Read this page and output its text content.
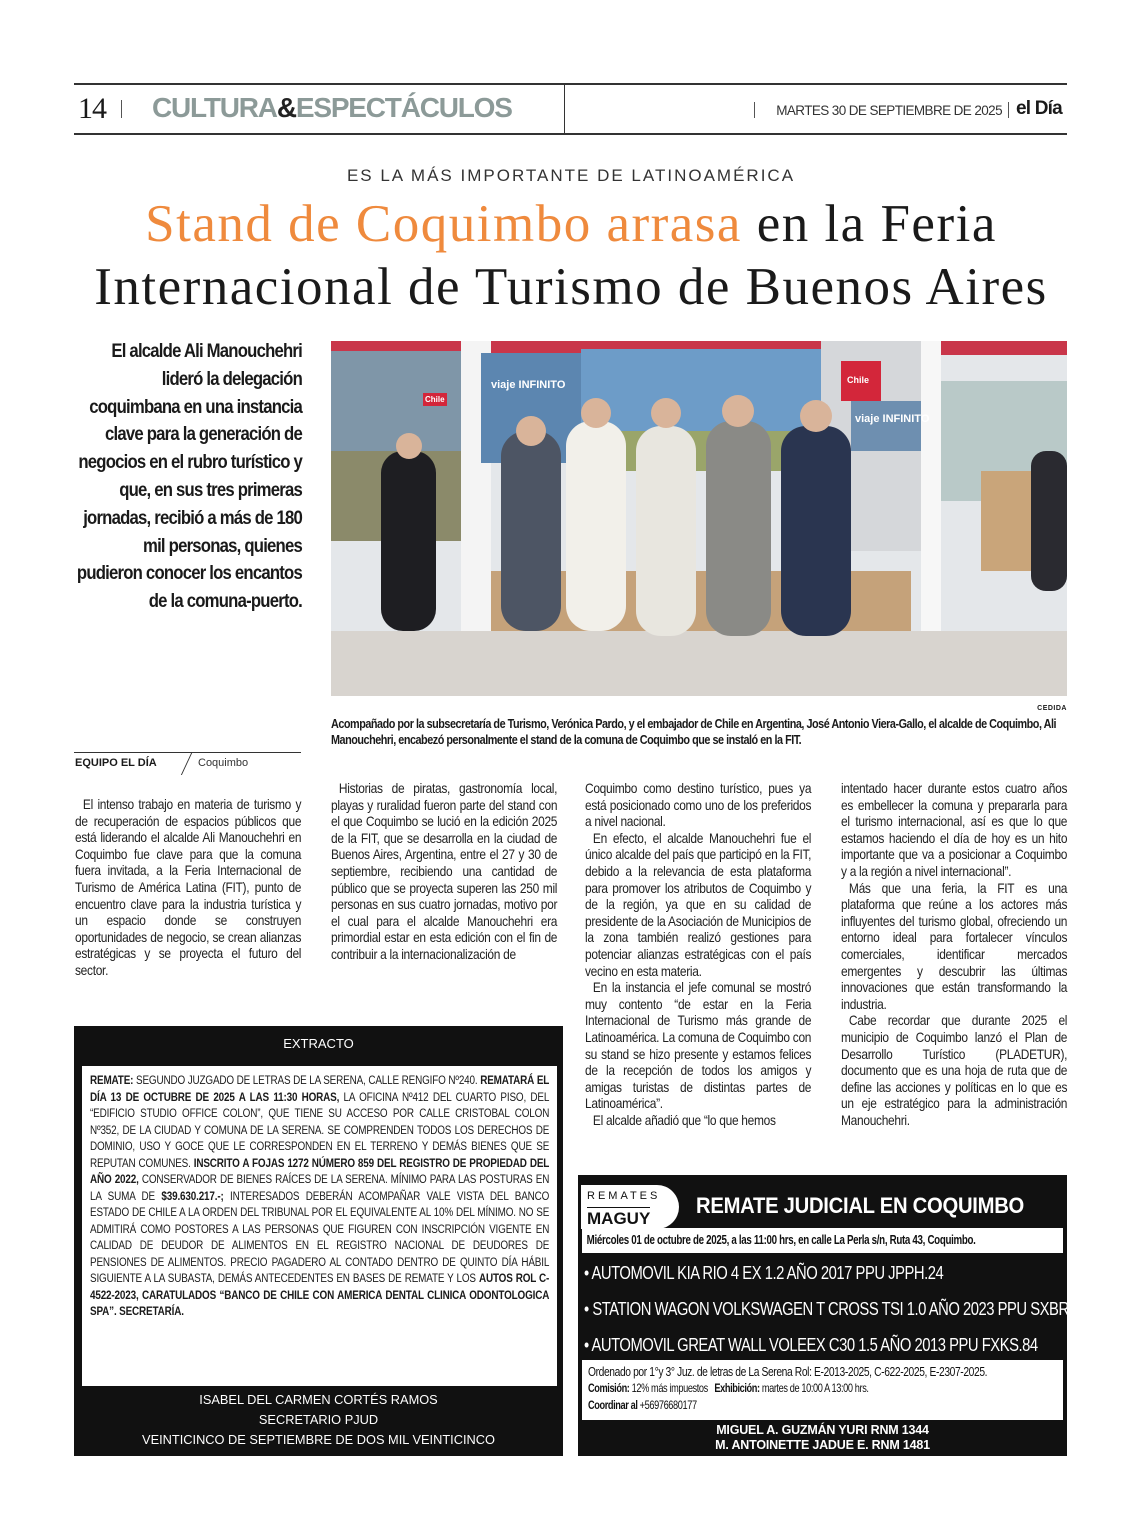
14 CULTURA&ESPECTÁCULOS	MARTES 30 DE SEPTIEMBRE DE 2025 el Día
ES LA MÁS IMPORTANTE DE LATINOAMÉRICA
Stand de Coquimbo arrasa en la Feria
Internacional de Turismo de Buenos Aires
El alcalde Ali Manouchehri lideró la delegación coquimbana en una instancia clave para la generación de negocios en el rubro turístico y que, en sus tres primeras jornadas, recibió a más de 180 mil personas, quienes pudieron conocer los encantos de la comuna-puerto.
viaje INFINITO	Chile
viaje INFINITO
Chile
CEDIDA
Acompañado por la subsecretaría de Turismo, Verónica Pardo, y el embajador de Chile en Argentina, José Antonio Viera-Gallo, el alcalde de Coquimbo, Ali Manouchehri, encabezó personalmente el stand de la comuna de Coquimbo que se instaló en la FIT.
EQUIPO EL DÍA	Coquimbo

El intenso trabajo en materia de turismo y de recuperación de espacios públicos que está liderando el alcalde Ali Manouchehri en Coquimbo fue clave para que la comuna fuera invitada, a la Feria Internacional de Turismo de América Latina (FIT), punto de encuentro clave para la industria turística y un espacio donde se construyen oportunidades de negocio, se crean alianzas estratégicas y se proyecta el futuro del sector.

Historias de piratas, gastronomía local, playas y ruralidad fueron parte del stand con el que Coquimbo se lució en la edición 2025 de la FIT, que se desarrolla en la ciudad de Buenos Aires, Argentina, entre el 27 y 30 de septiembre, recibiendo una cantidad de público que se proyecta superen las 250 mil personas en sus cuatro jornadas, motivo por el cual para el alcalde Manouchehri era primordial estar en esta edición con el fin de contribuir a la internacionalización de

Coquimbo como destino turístico, pues ya está posicionado como uno de los preferidos a nivel nacional.

En efecto, el alcalde Manouchehri fue el único alcalde del país que participó en la FIT, debido a la relevancia de esta plataforma para promover los atributos de Coquimbo y de la región, ya que en su calidad de presidente de la Asociación de Municipios de la zona también realizó gestiones para potenciar alianzas estratégicas con el país vecino en esta materia.

En la instancia el jefe comunal se mostró muy contento “de estar en la Feria Internacional de Turismo más grande de Latinoamérica. La comuna de Coquimbo con su stand se hizo presente y estamos felices de la recepción de todos los amigos y amigas turistas de distintas partes de Latinoamérica”.

El alcalde añadió que “lo que hemos

intentado hacer durante estos cuatro años es embellecer la comuna y prepararla para el turismo internacional, así es que lo que estamos haciendo el día de hoy es un hito importante que va a posicionar a Coquimbo y a la región a nivel internacional”.

Más que una feria, la FIT es una plataforma que reúne a los actores más influyentes del turismo global, ofreciendo un entorno ideal para fortalecer vínculos comerciales, identificar mercados emergentes y descubrir las últimas innovaciones que están transformando la industria.

Cabe recordar que durante 2025 el municipio de Coquimbo lanzó el Plan de Desarrollo Turístico (PLADETUR), documento que es una hoja de ruta que de define las acciones y políticas en lo que es un eje estratégico para la administración Manouchehri.

EXTRACTO
REMATE: SEGUNDO JUZGADO DE LETRAS DE LA SERENA, CALLE RENGIFO Nº240. REMATARÁ EL DÍA 13 DE OCTUBRE DE 2025 A LAS 11:30 HORAS, LA OFICINA Nº412 DEL CUARTO PISO, DEL “EDIFICIO STUDIO OFFICE COLON”, QUE TIENE SU ACCESO POR CALLE CRISTOBAL COLON Nº352, DE LA CIUDAD Y COMUNA DE LA SERENA. SE COMPRENDEN TODOS LOS DERECHOS DE DOMINIO, USO Y GOCE QUE LE CORRESPONDEN EN EL TERRENO Y DEMÁS BIENES QUE SE REPUTAN COMUNES. INSCRITO A FOJAS 1272 NÚMERO 859 DEL REGISTRO DE PROPIEDAD DEL AÑO 2022, CONSERVADOR DE BIENES RAÍCES DE LA SERENA. MÍNIMO PARA LAS POSTURAS EN LA SUMA DE $39.630.217.-; INTERESADOS DEBERÁN ACOMPAÑAR VALE VISTA DEL BANCO ESTADO DE CHILE A LA ORDEN DEL TRIBUNAL POR EL EQUIVALENTE AL 10% DEL MÍNIMO. NO SE ADMITIRÁ COMO POSTORES A LAS PERSONAS QUE FIGUREN CON INSCRIPCIÓN VIGENTE EN CALIDAD DE DEUDOR DE ALIMENTOS EN EL REGISTRO NACIONAL DE DEUDORES DE PENSIONES DE ALIMENTOS. PRECIO PAGADERO AL CONTADO DENTRO DE QUINTO DÍA HÁBIL SIGUIENTE A LA SUBASTA, DEMÁS ANTECEDENTES EN BASES DE REMATE Y LOS AUTOS ROL C-4522-2023, CARATULADOS “BANCO DE CHILE CON AMERICA DENTAL CLINICA ODONTOLOGICA SPA”. SECRETARÍA.
ISABEL DEL CARMEN CORTÉS RAMOS
SECRETARIO PJUD
VEINTICINCO DE SEPTIEMBRE DE DOS MIL VEINTICINCO
REMATES
MAGUY
REMATE JUDICIAL EN COQUIMBO
Miércoles 01 de octubre de 2025, a las 11:00 hrs, en calle La Perla s/n, Ruta 43, Coquimbo.
• AUTOMOVIL KIA RIO 4 EX 1.2 AÑO 2017 PPU JPPH.24
• STATION WAGON VOLKSWAGEN T CROSS TSI 1.0 AÑO 2023 PPU SXBR.66
• AUTOMOVIL GREAT WALL VOLEEX C30 1.5 AÑO 2013 PPU FXKS.84
Ordenado por 1°y 3° Juz. de letras de La Serena Rol: E-2013-2025, C-622-2025, E-2307-2025.
Comisión: 12% más impuestos Exhibición: martes de 10:00 A 13:00 hrs.
Coordinar al +56976680177
MIGUEL A. GUZMÁN YURI RNM 1344
M. ANTOINETTE JADUE E. RNM 1481
